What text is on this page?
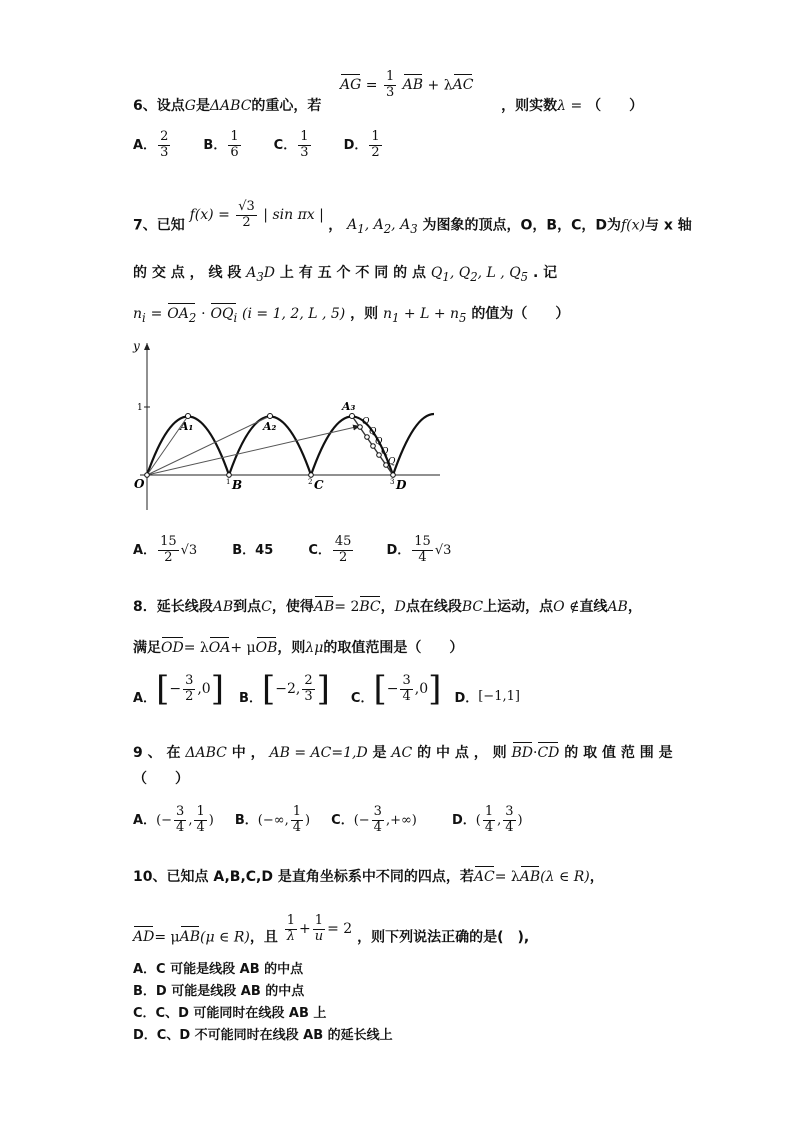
AG = $\frac{1}{3}$ AB + λAC
6、设点G是ΔABC的重心，若	，则实数λ = （　　）
A． $\frac{2}{3}$	B． $\frac{1}{6}$	C． $\frac{1}{3}$	D． $\frac{1}{2}$
7、已知 $f(x) = \frac{√3}{2}$ | sin πx | ， $A_1$, $A_2$, $A_3$ 为图象的顶点，O，B，C，D为f(x)与 x 轴
的 交 点 ， 线 段 $A_3D$ 上 有 五 个 不 同 的 点 $Q_1$, $Q_2$, L , $Q_5$ . 记
$n_i = OA_2 \cdot OQ_i$ (i = 1, 2, L , 5) ，则 $n_1 + L + n_5$ 的值为（　　）
y
1
A₁	A₂
A₃
Q
Q
Q
Q
Q
O	B	C	D
1	2	3
A． $\frac{15}{2} √3$	B．45	C． $\frac{45}{2}$	D． $\frac{15}{4} √3$
8．延长线段AB到点C，使得AB= 2BC，D点在线段BC上运动，点O ∉直线AB，
满足OD= λOA+ μOB，则λμ的取值范围是（　　）
A． [ − $\frac{3}{2} ,0$ ]
B． [ −2, $\frac{2}{3}$ ]
C． [ − $\frac{3}{4} ,0$ ]
D． [−1,1]
9 、 在 ΔABC 中 ， AB = AC=1,D 是 AC 的 中 点 ， 则 BD·CD 的 取 值 范 围 是
（　　）
A．(− $\frac{3}{4}$ , $\frac{1}{4}$ ) B．(−∞, $\frac{1}{4}$ ) C．(− $\frac{3}{4}$ ,+∞)	D．( $\frac{1}{4}$ , $\frac{3}{4}$ )
10、已知点 A,B,C,D 是直角坐标系中不同的四点，若AC= λAB(λ ∈ R)，
AD= μAB(μ ∈ R)，且 $\frac{1}{\lambda} + \frac{1}{u} = 2$ ，则下列说法正确的是(　),
A．C 可能是线段 AB 的中点
B．D 可能是线段 AB 的中点
C．C、D 可能同时在线段 AB 上
D．C、D 不可能同时在线段 AB 的延长线上
